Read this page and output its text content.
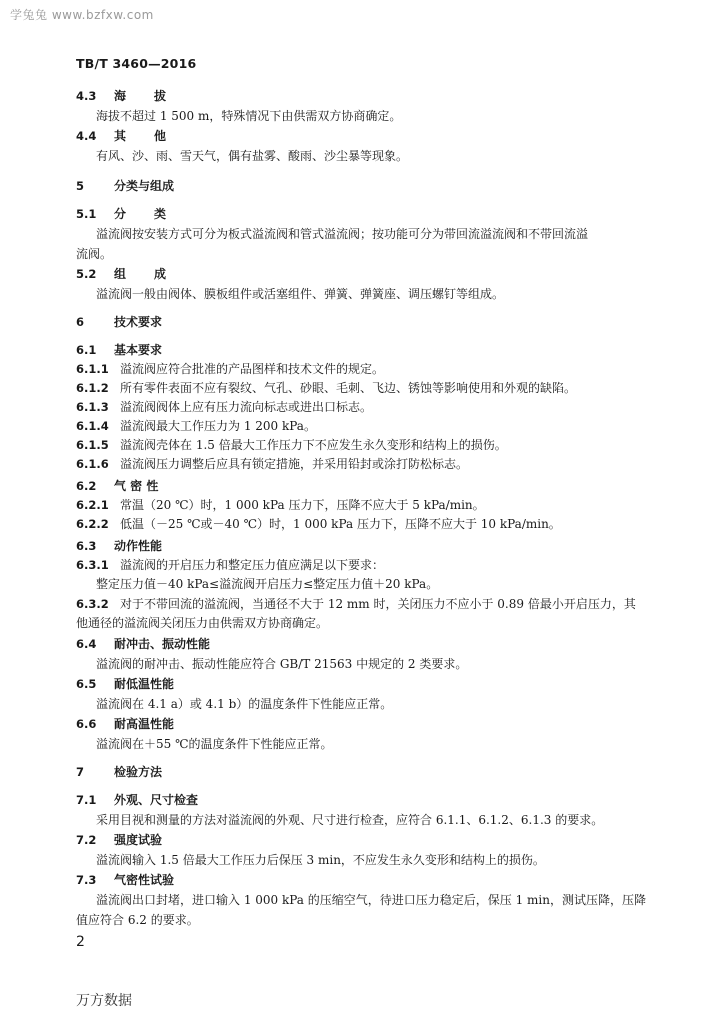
学兔兔 www.bzfxw.com
TB/T 3460—2016
4.3 海　拔
海拔不超过 1 500 m，特殊情况下由供需双方协商确定。
4.4 其　他
有风、沙、雨、雪天气，偶有盐雾、酸雨、沙尘暴等现象。
5 分类与组成
5.1 分　类
溢流阀按安装方式可分为板式溢流阀和管式溢流阀；按功能可分为带回流溢流阀和不带回流溢
流阀。
5.2 组　成
溢流阀一般由阀体、膜板组件或活塞组件、弹簧、弹簧座、调压螺钉等组成。
6 技术要求
6.1 基本要求
6.1.1 溢流阀应符合批准的产品图样和技术文件的规定。
6.1.2 所有零件表面不应有裂纹、气孔、砂眼、毛刺、飞边、锈蚀等影响使用和外观的缺陷。
6.1.3 溢流阀阀体上应有压力流向标志或进出口标志。
6.1.4 溢流阀最大工作压力为 1 200 kPa。
6.1.5 溢流阀壳体在 1.5 倍最大工作压力下不应发生永久变形和结构上的损伤。
6.1.6 溢流阀压力调整后应具有锁定措施，并采用铅封或涂打防松标志。
6.2 气 密 性
6.2.1 常温（20 ℃）时，1 000 kPa 压力下，压降不应大于 5 kPa/min。
6.2.2 低温（－25 ℃或－40 ℃）时，1 000 kPa 压力下，压降不应大于 10 kPa/min。
6.3 动作性能
6.3.1 溢流阀的开启压力和整定压力值应满足以下要求：
整定压力值－40 kPa≤溢流阀开启压力≤整定压力值＋20 kPa。
6.3.2 对于不带回流的溢流阀，当通径不大于 12 mm 时，关闭压力不应小于 0.89 倍最小开启压力，其
他通径的溢流阀关闭压力由供需双方协商确定。
6.4 耐冲击、振动性能
溢流阀的耐冲击、振动性能应符合 GB/T 21563 中规定的 2 类要求。
6.5 耐低温性能
溢流阀在 4.1 a）或 4.1 b）的温度条件下性能应正常。
6.6 耐高温性能
溢流阀在＋55 ℃的温度条件下性能应正常。
7 检验方法
7.1 外观、尺寸检查
采用目视和测量的方法对溢流阀的外观、尺寸进行检查，应符合 6.1.1、6.1.2、6.1.3 的要求。
7.2 强度试验
溢流阀输入 1.5 倍最大工作压力后保压 3 min，不应发生永久变形和结构上的损伤。
7.3 气密性试验
溢流阀出口封堵，进口输入 1 000 kPa 的压缩空气，待进口压力稳定后，保压 1 min，测试压降，压降
值应符合 6.2 的要求。
2
万方数据
